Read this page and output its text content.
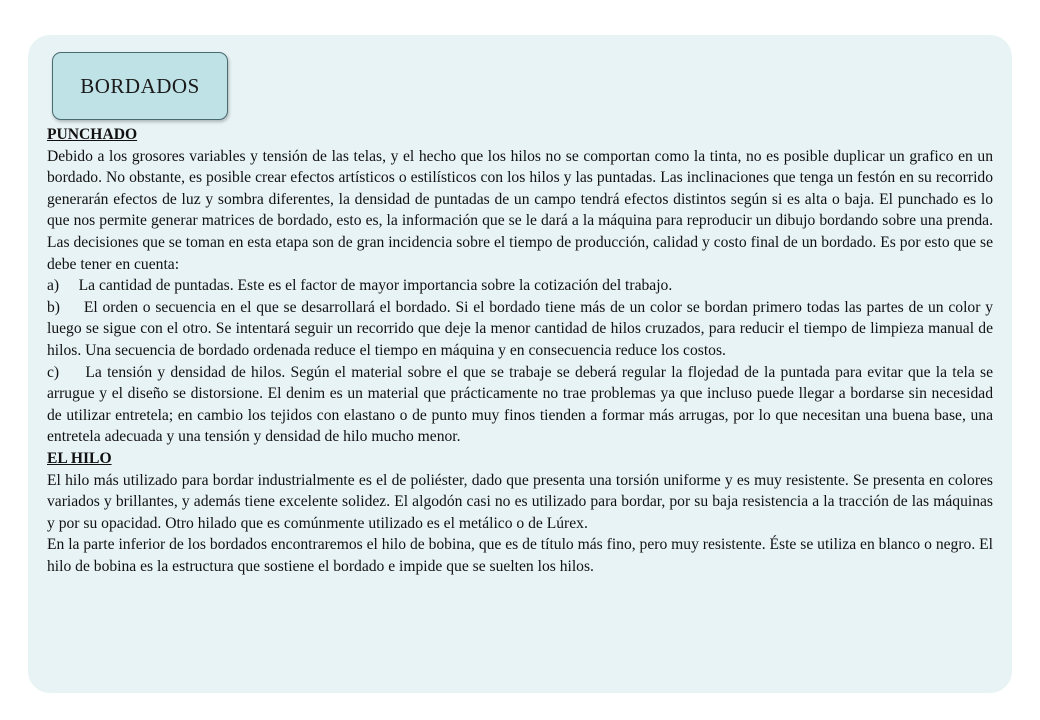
BORDADOS

PUNCHADO

Debido a los grosores variables y tensión de las telas, y el hecho que los hilos no se comportan como la tinta, no es posible duplicar un grafico en un bordado. No obstante, es posible crear efectos artísticos o estilísticos con los hilos y las puntadas. Las inclinaciones que tenga un festón en su recorrido generarán efectos de luz y sombra diferentes, la densidad de puntadas de un campo tendrá efectos distintos según si es alta o baja. El punchado es lo que nos permite generar matrices de bordado, esto es, la información que se le dará a la máquina para reproducir un dibujo bordando sobre una prenda. Las decisiones que se toman en esta etapa son de gran incidencia sobre el tiempo de producción, calidad y costo final de un bordado. Es por esto que se debe tener en cuenta:

a) La cantidad de puntadas. Este es el factor de mayor importancia sobre la cotización del trabajo.

b) El orden o secuencia en el que se desarrollará el bordado. Si el bordado tiene más de un color se bordan primero todas las partes de un color y luego se sigue con el otro. Se intentará seguir un recorrido que deje la menor cantidad de hilos cruzados, para reducir el tiempo de limpieza manual de hilos. Una secuencia de bordado ordenada reduce el tiempo en máquina y en consecuencia reduce los costos.

c) La tensión y densidad de hilos. Según el material sobre el que se trabaje se deberá regular la flojedad de la puntada para evitar que la tela se arrugue y el diseño se distorsione. El denim es un material que prácticamente no trae problemas ya que incluso puede llegar a bordarse sin necesidad de utilizar entretela; en cambio los tejidos con elastano o de punto muy finos tienden a formar más arrugas, por lo que necesitan una buena base, una entretela adecuada y una tensión y densidad de hilo mucho menor.

EL HILO

El hilo más utilizado para bordar industrialmente es el de poliéster, dado que presenta una torsión uniforme y es muy resistente. Se presenta en colores variados y brillantes, y además tiene excelente solidez. El algodón casi no es utilizado para bordar, por su baja resistencia a la tracción de las máquinas y por su opacidad. Otro hilado que es comúnmente utilizado es el metálico o de Lúrex.

En la parte inferior de los bordados encontraremos el hilo de bobina, que es de título más fino, pero muy resistente. Éste se utiliza en blanco o negro. El hilo de bobina es la estructura que sostiene el bordado e impide que se suelten los hilos.
